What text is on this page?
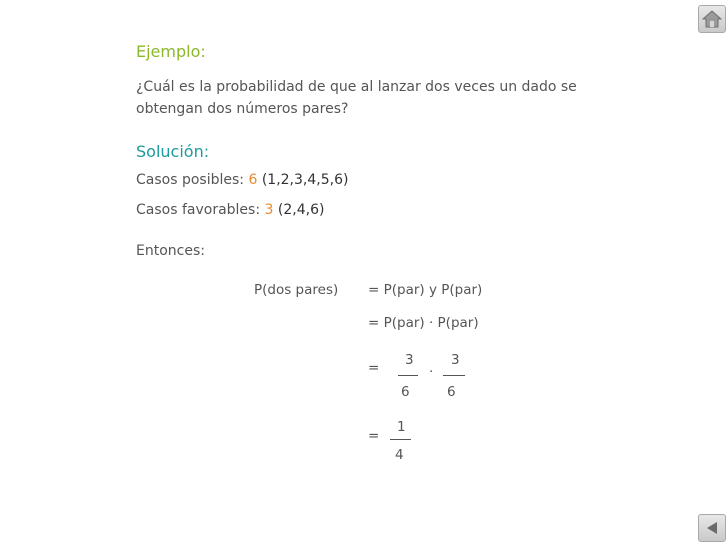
Ejemplo:
¿Cuál es la probabilidad de que al lanzar dos veces un dado se
obtengan dos números pares?
Solución:
Casos posibles: 6 (1,2,3,4,5,6)
Casos favorables: 3 (2,4,6)
Entonces:
P(dos pares) = P(par) y P(par)
= P(par) · P(par)
= 3
6
·
3
6
=
1
4
